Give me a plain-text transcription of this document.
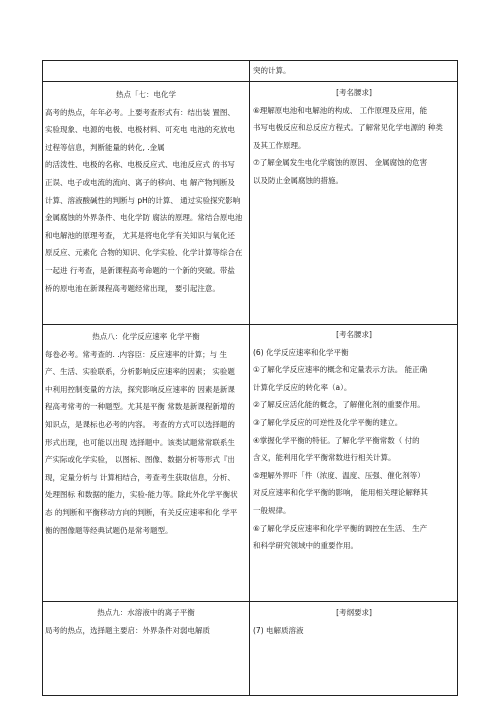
突的计算。
热点「七：电化学
高考的热点，年年必考。上要考查形式有：结出装 置图、
实验现象、电源的电极、电极材料、可充电 电池的充放电
过程等信息，判断能量的转化, .金属
的活泼性、电极的名称、电极反应式、电池反应式 的书写
正误、电子或电流的流向、离子的移向、电 解产物判断及
计算、溶液酸碱性的判断与 pH的计算、 通过实验探究影响
金属腐蚀的外界条件、电化学防 腐法的原理。常结合原电池
和电解池的原理考查， 尤其是将电化学有关知识与氧化还
原反应、元素化 合物的知识、化学实验、化学计算等综合在
一起进 行考查，是新课程高考命题的一个新的突破。带盐
桥的原电池在新课程高考题经常出现， 要引起注意。
[考名腰求]
⑥理解原电池和电解池的构成、 工作原理及应用，能
书写电极反应和总反应方程式。了解常见化学电源的 种类
及其工作原理。
⑦了解金属发生电化学腐蚀的原因、 金属腐蚀的危害
以及防止金属腐蚀的措施。
热点八：化学反应速率 化学平衡
每卷必考。常考查的. .内容臣：反应速率的计算；与 生
产、生活、实验联系，分析影响反应速率的因素； 实验题
中利用控制变量的方法，探究影响反应速率的 因素是新课
程高考常考的一种题型。尤其是平衡 常数是新课程新增的
知识点，是课标也必考的内容。 考查的方式可以选择题的
形式出现，也可能以出现 选择题中。该类试题常常联系生
产实际或化学实验， 以图标、图像、数据分析等形式『出
现，定量分析与 计算相结合，考查考生获取信息，分析、
处理图标 和数据的能力，实验-能力等。除此外化学平衡状
态 的判断和平衡移动方向的判断，有关反应速率和化 学平
衡的图像题等经典试题仍是常考题型。
[考名腰求]
(6) 化学反应速率和化学平衡
①了解化学反应速率的概念和定量表示方法。 能正确
计算化学反应的转化率（a）。
②了解反应活化能的概念，了解催化剂的重要作用。
③了解化学反应的可逆性及化学平衡的建立。
④掌握化学平衡的特征。了解化学平衡常数（ 付的
含义，能利用化学平衡常数进行相关计算。
⑤理解外界吓「件（浓度、温度、压强、催化剂等）
对反应速率和化学平衡的影响， 能用相关理论解释其
一般规律。
⑥了解化学反应速率和化学平衡的调控在生活、 生产
和科学研究领域中的重要作用。
热点九：水溶液中的离子平衡
局考的热点，选择题主要启：外界条件对弱电解质
[考纲要求]
(7) 电解质溶液
